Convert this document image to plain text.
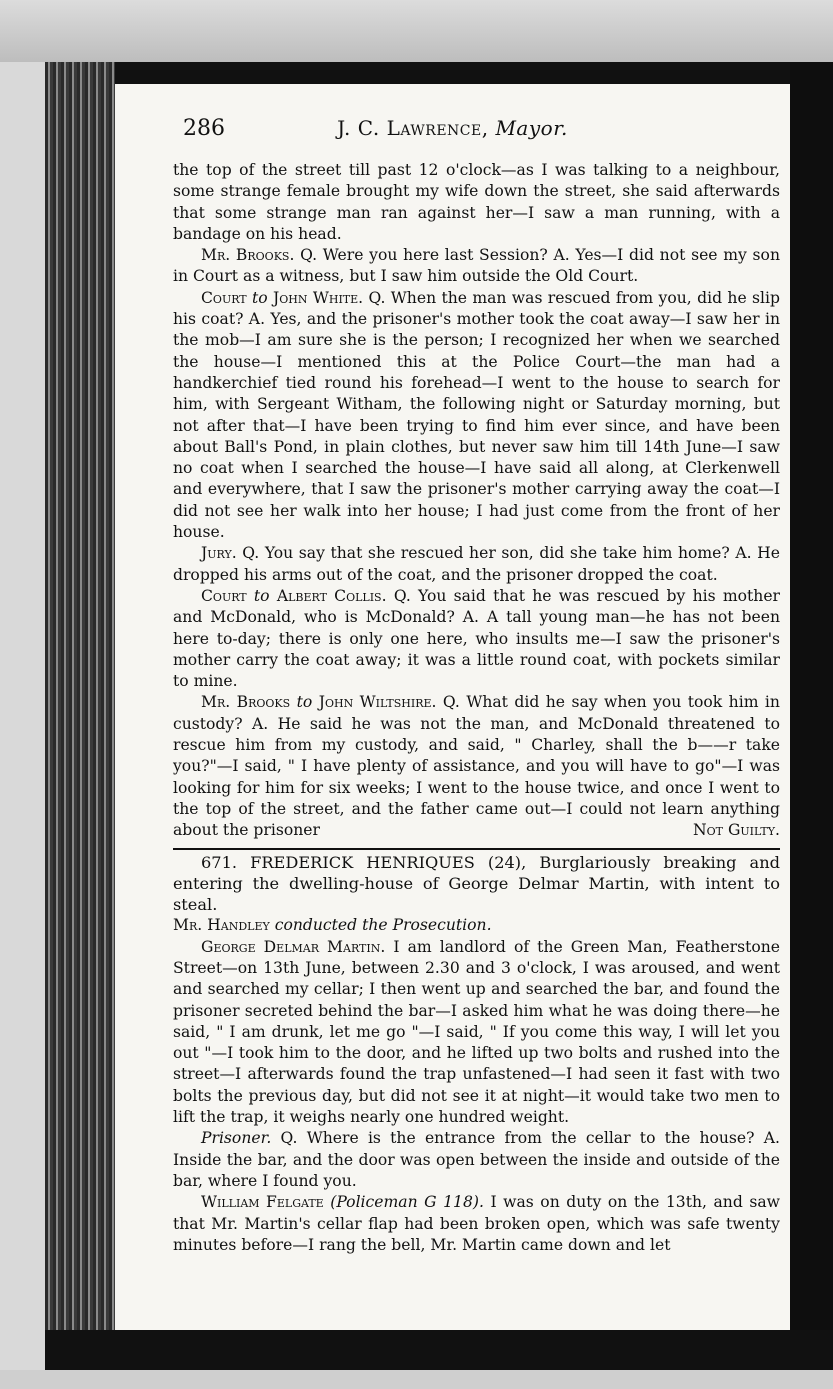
286	J. C. Lawrence, Mayor.

the top of the street till past 12 o'clock—as I was talking to a neighbour, some strange female brought my wife down the street, she said afterwards that some strange man ran against her—I saw a man running, with a bandage on his head.

Mr. Brooks. Q. Were you here last Session? A. Yes—I did not see my son in Court as a witness, but I saw him outside the Old Court.

Court to John White. Q. When the man was rescued from you, did he slip his coat? A. Yes, and the prisoner's mother took the coat away—I saw her in the mob—I am sure she is the person; I recognized her when we searched the house—I mentioned this at the Police Court—the man had a handkerchief tied round his forehead—I went to the house to search for him, with Sergeant Witham, the following night or Saturday morning, but not after that—I have been trying to find him ever since, and have been about Ball's Pond, in plain clothes, but never saw him till 14th June—I saw no coat when I searched the house—I have said all along, at Clerkenwell and everywhere, that I saw the prisoner's mother carrying away the coat—I did not see her walk into her house; I had just come from the front of her house.

Jury. Q. You say that she rescued her son, did she take him home? A. He dropped his arms out of the coat, and the prisoner dropped the coat.

Court to Albert Collis. Q. You said that he was rescued by his mother and McDonald, who is McDonald? A. A tall young man—he has not been here to-day; there is only one here, who insults me—I saw the prisoner's mother carry the coat away; it was a little round coat, with pockets similar to mine.

Mr. Brooks to John Wiltshire. Q. What did he say when you took him in custody? A. He said he was not the man, and McDonald threatened to rescue him from my custody, and said, " Charley, shall the b——r take you?"—I said, " I have plenty of assistance, and you will have to go"—I was looking for him for six weeks; I went to the house twice, and once I went to the top of the street, and the father came out—I could not learn anything about the prisoner	Not Guilty.

671. FREDERICK HENRIQUES (24), Burglariously breaking and entering the dwelling-house of George Delmar Martin, with intent to steal.

Mr. Handley conducted the Prosecution.

George Delmar Martin. I am landlord of the Green Man, Featherstone Street—on 13th June, between 2.30 and 3 o'clock, I was aroused, and went and searched my cellar; I then went up and searched the bar, and found the prisoner secreted behind the bar—I asked him what he was doing there—he said, " I am drunk, let me go "—I said, " If you come this way, I will let you out "—I took him to the door, and he lifted up two bolts and rushed into the street—I afterwards found the trap unfastened—I had seen it fast with two bolts the previous day, but did not see it at night—it would take two men to lift the trap, it weighs nearly one hundred weight.

Prisoner. Q. Where is the entrance from the cellar to the house? A. Inside the bar, and the door was open between the inside and outside of the bar, where I found you.

William Felgate (Policeman G 118). I was on duty on the 13th, and saw that Mr. Martin's cellar flap had been broken open, which was safe twenty minutes before—I rang the bell, Mr. Martin came down and let
